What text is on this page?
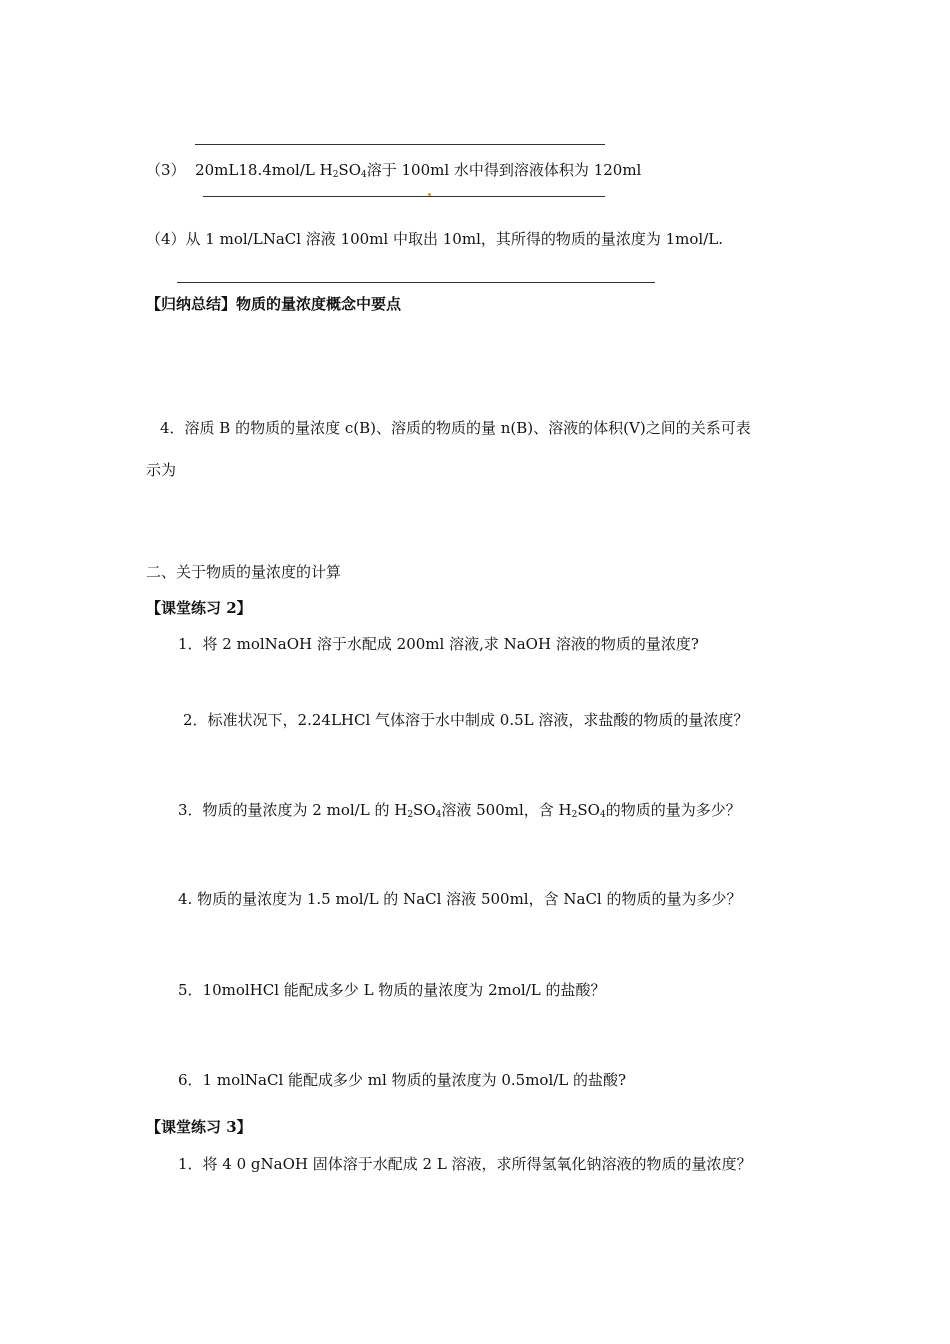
（3） 20mL18.4mol/L $H_2SO_4$溶于 100ml 水中得到溶液体积为 120ml
（4）从 1 mol/LNaCl 溶液 100ml 中取出 10ml，其所得的物质的量浓度为 1mol/L.
【归纳总结】物质的量浓度概念中要点
4．溶质 B 的物质的量浓度 c(B)、溶质的物质的量 n(B)、溶液的体积(V)之间的关系可表
示为
二、关于物质的量浓度的计算
【课堂练习 2】
1．将 2 molNaOH 溶于水配成 200ml 溶液,求 NaOH 溶液的物质的量浓度?
2．标准状况下，2.24LHCl 气体溶于水中制成 0.5L 溶液，求盐酸的物质的量浓度？
3．物质的量浓度为 2 mol/L 的 $H_2SO_4$溶液 500ml，含 $H_2SO_4$的物质的量为多少？
4. 物质的量浓度为 1.5 mol/L 的 NaCl 溶液 500ml，含 NaCl 的物质的量为多少？
5．10molHCl 能配成多少 L 物质的量浓度为 2mol/L 的盐酸？
6．1 molNaCl 能配成多少 ml 物质的量浓度为 0.5mol/L 的盐酸?
【课堂练习 3】
1．将 4 0 gNaOH 固体溶于水配成 2 L 溶液，求所得氢氧化钠溶液的物质的量浓度？
